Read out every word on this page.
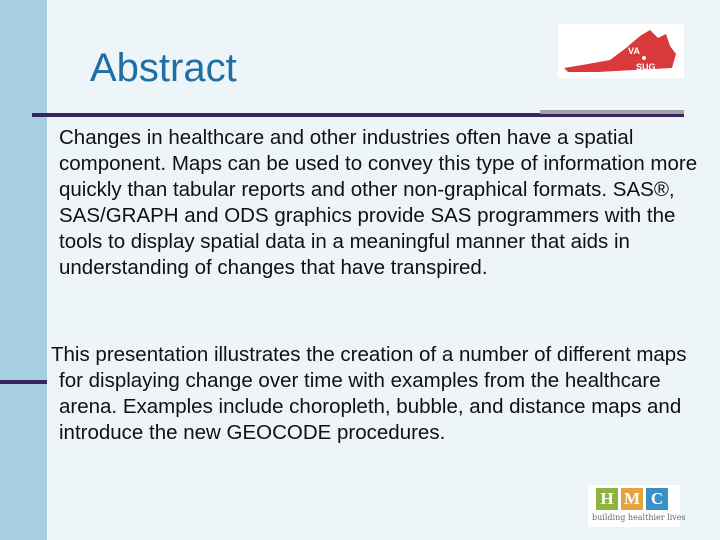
Abstract	VA
SUG

Changes in healthcare and other industries often have a spatial component. Maps can be used to convey this type of information more quickly than tabular reports and other non-graphical formats. SAS®, SAS/GRAPH and ODS graphics provide SAS programmers with the tools to display spatial data in a meaningful manner that aids in understanding of changes that have transpired.

This presentation illustrates the creation of a number of different maps for displaying change over time with examples from the healthcare arena. Examples include choropleth, bubble, and distance maps and introduce the new GEOCODE procedures.

H M C
building healthier lives
